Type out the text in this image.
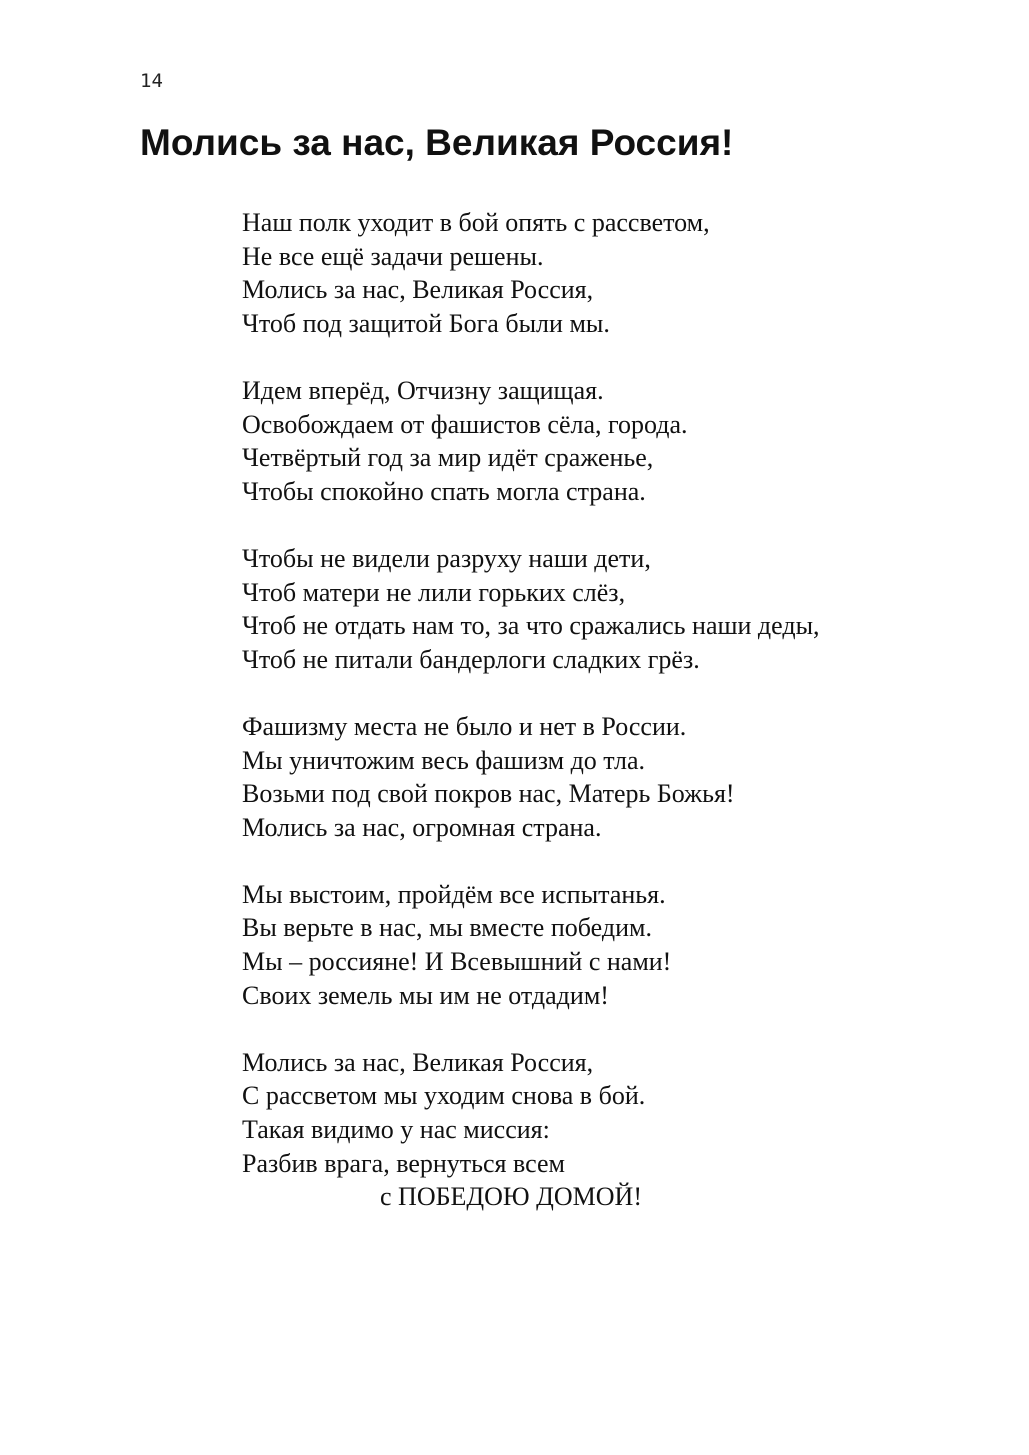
14
Молись за нас, Великая Россия!
Наш полк уходит в бой опять с рассветом,
Не все ещё задачи решены.
Молись за нас, Великая Россия,
Чтоб под защитой Бога были мы.
Идем вперёд, Отчизну защищая.
Освобождаем от фашистов сёла, города.
Четвёртый год за мир идёт сраженье,
Чтобы спокойно спать могла страна.
Чтобы не видели разруху наши дети,
Чтоб матери не лили горьких слёз,
Чтоб не отдать нам то, за что сражались наши деды,
Чтоб не питали бандерлоги сладких грёз.
Фашизму места не было и нет в России.
Мы уничтожим весь фашизм до тла.
Возьми под свой покров нас, Матерь Божья!
Молись за нас, огромная страна.
Мы выстоим, пройдём все испытанья.
Вы верьте в нас, мы вместе победим.
Мы – россияне! И Всевышний с нами!
Своих земель мы им не отдадим!
Молись за нас, Великая Россия,
С рассветом мы уходим снова в бой.
Такая видимо у нас миссия:
Разбив врага, вернуться всем
с ПОБЕДОЮ ДОМОЙ!
